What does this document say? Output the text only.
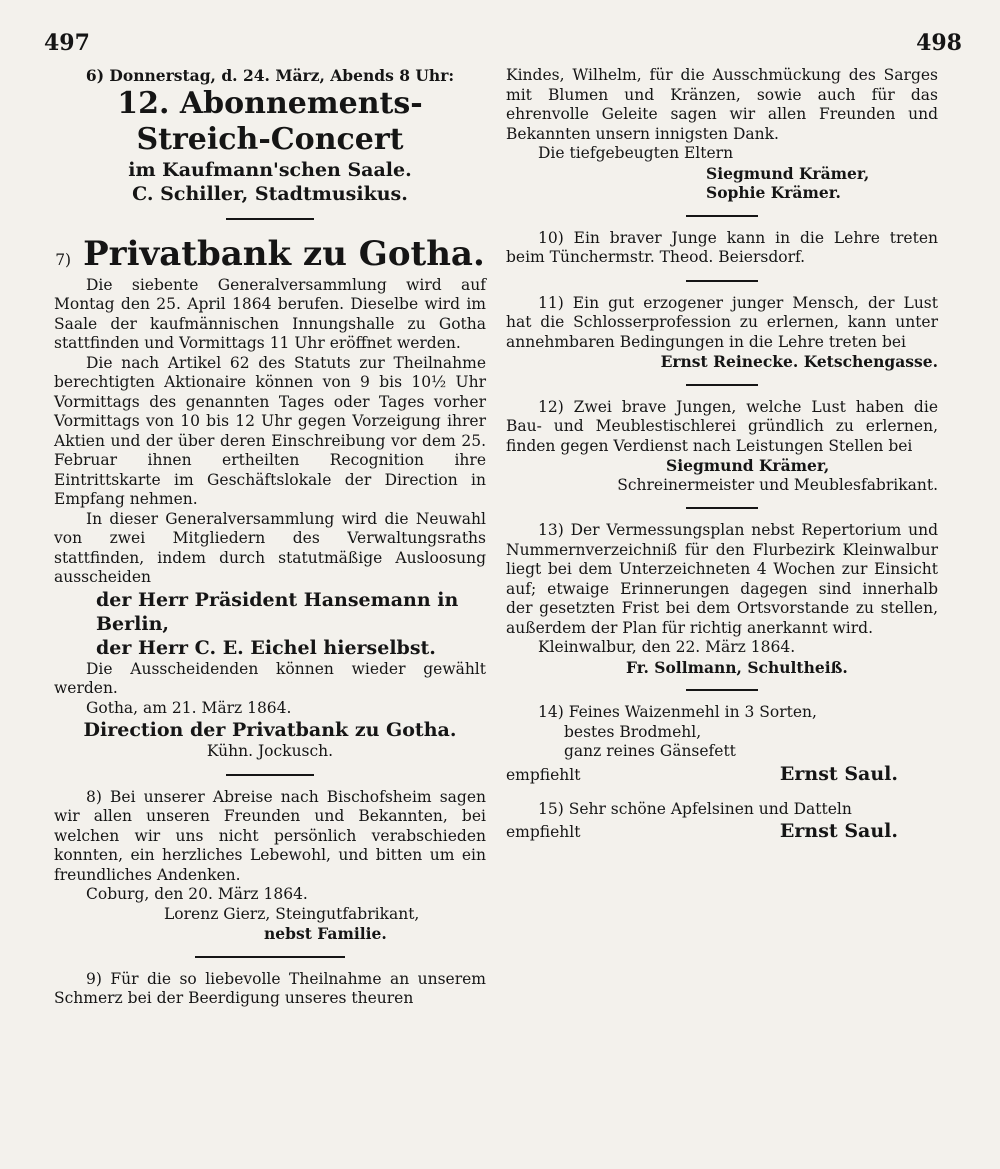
497	498

6) Donnerstag, d. 24. März, Abends 8 Uhr:

12. Abonnements-Streich-Concert

im Kaufmann'schen Saale.

C. Schiller, Stadtmusikus.

7) Privatbank zu Gotha.

Die siebente Generalversammlung wird auf Montag den 25. April 1864 berufen. Dieselbe wird im Saale der kaufmännischen Innungshalle zu Gotha stattfinden und Vormittags 11 Uhr eröffnet werden.

Die nach Artikel 62 des Statuts zur Theilnahme berechtigten Aktionaire können von 9 bis 10½ Uhr Vormittags des genannten Tages oder Tages vorher Vormittags von 10 bis 12 Uhr gegen Vorzeigung ihrer Aktien und der über deren Einschreibung vor dem 25. Februar ihnen ertheilten Recognition ihre Eintrittskarte im Geschäftslokale der Direction in Empfang nehmen.

In dieser Generalversammlung wird die Neuwahl von zwei Mitgliedern des Verwaltungsraths stattfinden, indem durch statutmäßige Ausloosung ausscheiden

der Herr Präsident Hansemann in Berlin,

der Herr C. E. Eichel hierselbst.

Die Ausscheidenden können wieder gewählt werden.

Gotha, am 21. März 1864.

Direction der Privatbank zu Gotha.

Kühn. Jockusch.

8) Bei unserer Abreise nach Bischofsheim sagen wir allen unseren Freunden und Bekannten, bei welchen wir uns nicht persönlich verabschieden konnten, ein herzliches Lebewohl, und bitten um ein freundliches Andenken.

Coburg, den 20. März 1864.

Lorenz Gierz, Steingutfabrikant,

nebst Familie.

9) Für die so liebevolle Theilnahme an unserem Schmerz bei der Beerdigung unseres theuren

Kindes, Wilhelm, für die Ausschmückung des Sarges mit Blumen und Kränzen, sowie auch für das ehrenvolle Geleite sagen wir allen Freunden und Bekannten unsern innigsten Dank.

Die tiefgebeugten Eltern

Siegmund Krämer,

Sophie Krämer.

10) Ein braver Junge kann in die Lehre treten beim Tünchermstr. Theod. Beiersdorf.

11) Ein gut erzogener junger Mensch, der Lust hat die Schlosserprofession zu erlernen, kann unter annehmbaren Bedingungen in die Lehre treten bei

Ernst Reinecke. Ketschengasse.

12) Zwei brave Jungen, welche Lust haben die Bau- und Meublestischlerei gründlich zu erlernen, finden gegen Verdienst nach Leistungen Stellen bei

Siegmund Krämer,

Schreinermeister und Meublesfabrikant.

13) Der Vermessungsplan nebst Repertorium und Nummernverzeichniß für den Flurbezirk Kleinwalbur liegt bei dem Unterzeichneten 4 Wochen zur Einsicht auf; etwaige Erinnerungen dagegen sind innerhalb der gesetzten Frist bei dem Ortsvorstande zu stellen, außerdem der Plan für richtig anerkannt wird.

Kleinwalbur, den 22. März 1864.

Fr. Sollmann, Schultheiß.

14) Feines Waizenmehl in 3 Sorten,

bestes Brodmehl,

ganz reines Gänsefett

empfiehlt	Ernst Saul.

15) Sehr schöne Apfelsinen und Datteln

empfiehlt	Ernst Saul.
